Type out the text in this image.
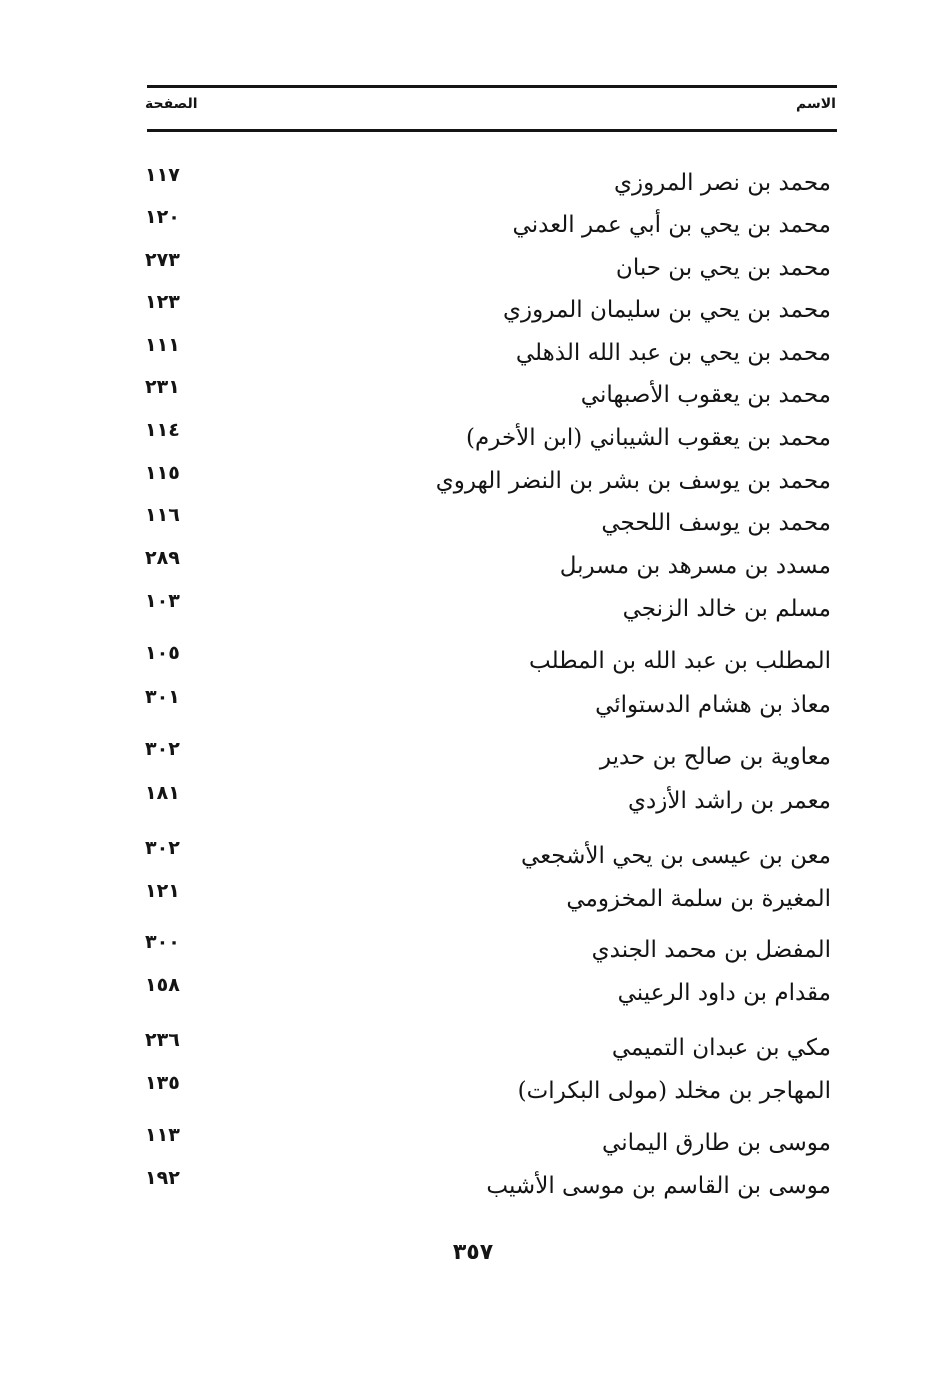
الاسم
الصفحة
محمد بن نصر المروزي
١١٧
محمد بن يحي بن أبي عمر العدني
١٢٠
محمد بن يحي بن حبان
٢٧٣
محمد بن يحي بن سليمان المروزي
١٢٣
محمد بن يحي بن عبد الله الذهلي
١١١
محمد بن يعقوب الأصبهاني
٢٣١
محمد بن يعقوب الشيباني (ابن الأخرم)
١١٤
محمد بن يوسف بن بشر بن النضر الهروي
١١٥
محمد بن يوسف اللحجي
١١٦
مسدد بن مسرهد بن مسربل
٢٨٩
مسلم بن خالد الزنجي
١٠٣
المطلب بن عبد الله بن المطلب
١٠٥
معاذ بن هشام الدستوائي
٣٠١
معاوية بن صالح بن حدير
٣٠٢
معمر بن راشد الأزدي
١٨١
معن بن عيسى بن يحي الأشجعي
٣٠٢
المغيرة بن سلمة المخزومي
١٢١
المفضل بن محمد الجندي
٣٠٠
مقدام بن داود الرعيني
١٥٨
مكي بن عبدان التميمي
٢٣٦
المهاجر بن مخلد (مولى البكرات)
١٣٥
موسى بن طارق اليماني
١١٣
موسى بن القاسم بن موسى الأشيب
١٩٢
٣٥٧
